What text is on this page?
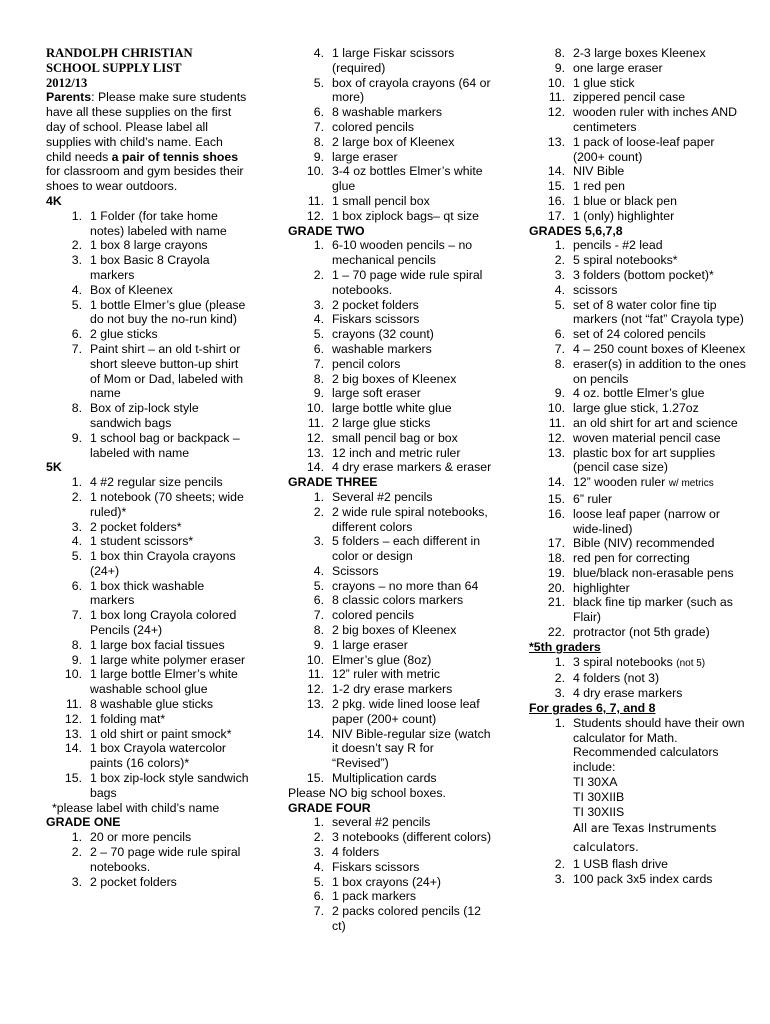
RANDOLPH CHRISTIAN
SCHOOL SUPPLY LIST
2012/13

Parents: Please make sure students have all these supplies on the first day of school. Please label all supplies with child’s name. Each child needs a pair of tennis shoes for classroom and gym besides their shoes to wear outdoors.

4K
1. 1 Folder (for take home notes) labeled with name
2. 1 box 8 large crayons
3. 1 box Basic 8 Crayola markers
4. Box of Kleenex
5. 1 bottle Elmer’s glue (please do not buy the no-run kind)
6. 2 glue sticks
7. Paint shirt – an old t-shirt or short sleeve button-up shirt of Mom or Dad, labeled with name
8. Box of zip-lock style sandwich bags
9. 1 school bag or backpack – labeled with name
5K
1. 4 #2 regular size pencils
2. 1 notebook (70 sheets; wide ruled)*
3. 2 pocket folders*
4. 1 student scissors*
5. 1 box thin Crayola crayons (24+)
6. 1 box thick washable markers
7. 1 box long Crayola colored Pencils (24+)
8. 1 large box facial tissues
9. 1 large white polymer eraser
10. 1 large bottle Elmer’s white washable school glue
11. 8 washable glue sticks
12. 1 folding mat*
13. 1 old shirt or paint smock*
14. 1 box Crayola watercolor paints (16 colors)*
15. 1 box zip-lock style sandwich bags
*please label with child’s name
GRADE ONE
1. 20 or more pencils
2. 2 – 70 page wide rule spiral notebooks.
3. 2 pocket folders
4. 1 large Fiskar scissors (required)
5. box of crayola crayons (64 or more)
6. 8 washable markers
7. colored pencils
8. 2 large box of Kleenex
9. large eraser
10. 3-4 oz bottles Elmer’s white glue
11. 1 small pencil box
12. 1 box ziplock bags– qt size
GRADE TWO
1. 6-10 wooden pencils – no mechanical pencils
2. 1 – 70 page wide rule spiral notebooks.
3. 2 pocket folders
4. Fiskars scissors
5. crayons (32 count)
6. washable markers
7. pencil colors
8. 2 big boxes of Kleenex
9. large soft eraser
10. large bottle white glue
11. 2 large glue sticks
12. small pencil bag or box
13. 12 inch and metric ruler
14. 4 dry erase markers & eraser
GRADE THREE
1. Several #2 pencils
2. 2 wide rule spiral notebooks, different colors
3. 5 folders – each different in color or design
4. Scissors
5. crayons – no more than 64
6. 8 classic colors markers
7. colored pencils
8. 2 big boxes of Kleenex
9. 1 large eraser
10. Elmer’s glue (8oz)
11. 12” ruler with metric
12. 1-2 dry erase markers
13. 2 pkg. wide lined loose leaf paper (200+ count)
14. NIV Bible-regular size (watch it doesn’t say R for “Revised”)
15. Multiplication cards
Please NO big school boxes.
GRADE FOUR
1. several #2 pencils
2. 3 notebooks (different colors)
3. 4 folders
4. Fiskars scissors
5. 1 box crayons (24+)
6. 1 pack markers
7. 2 packs colored pencils (12 ct)
8. 2-3 large boxes Kleenex
9. one large eraser
10. 1 glue stick
11. zippered pencil case
12. wooden ruler with inches AND centimeters
13. 1 pack of loose-leaf paper (200+ count)
14. NIV Bible
15. 1 red pen
16. 1 blue or black pen
17. 1 (only) highlighter
GRADES 5,6,7,8
1. pencils - #2 lead
2. 5 spiral notebooks*
3. 3 folders (bottom pocket)*
4. scissors
5. set of 8 water color fine tip markers (not “fat” Crayola type)
6. set of 24 colored pencils
7. 4 – 250 count boxes of Kleenex
8. eraser(s) in addition to the ones on pencils
9. 4 oz. bottle Elmer’s glue
10. large glue stick, 1.27oz
11. an old shirt for art and science
12. woven material pencil case
13. plastic box for art supplies (pencil case size)
14. 12” wooden ruler w/ metrics
15. 6” ruler
16. loose leaf paper (narrow or wide-lined)
17. Bible (NIV) recommended
18. red pen for correcting
19. blue/black non-erasable pens
20. highlighter
21. black fine tip marker (such as Flair)
22. protractor (not 5th grade)
*5th graders
1. 3 spiral notebooks (not 5)
2. 4 folders (not 3)
3. 4 dry erase markers
For grades 6, 7, and 8
1. Students should have their own calculator for Math. Recommended calculators include:
TI 30XA
TI 30XIIB
TI 30XIIS
All are Texas Instruments calculators.
2. 1 USB flash drive
3. 100 pack 3x5 index cards
